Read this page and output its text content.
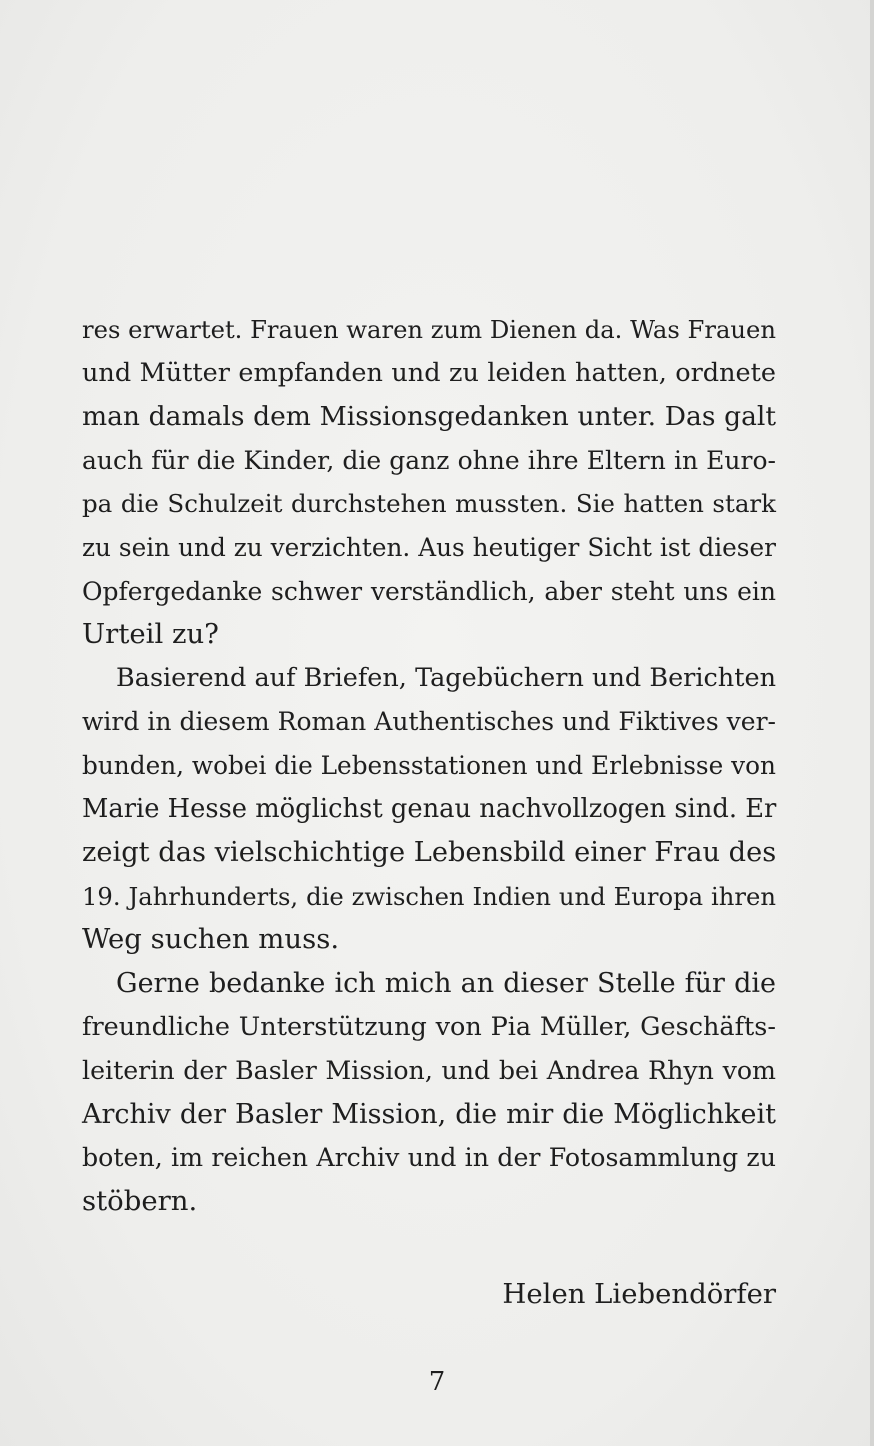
res erwartet. Frauen waren zum Dienen da. Was Frauen
und Mütter empfanden und zu leiden hatten, ordnete
man damals dem Missionsgedanken unter. Das galt
auch für die Kinder, die ganz ohne ihre Eltern in Euro-
pa die Schulzeit durchstehen mussten. Sie hatten stark
zu sein und zu verzichten. Aus heutiger Sicht ist dieser
Opfergedanke schwer verständlich, aber steht uns ein
Urteil zu?
Basierend auf Briefen, Tagebüchern und Berichten
wird in diesem Roman Authentisches und Fiktives ver-
bunden, wobei die Lebensstationen und Erlebnisse von
Marie Hesse möglichst genau nachvollzogen sind. Er
zeigt das vielschichtige Lebensbild einer Frau des
19. Jahrhunderts, die zwischen Indien und Europa ihren
Weg suchen muss.
Gerne bedanke ich mich an dieser Stelle für die
freundliche Unterstützung von Pia Müller, Geschäfts-
leiterin der Basler Mission, und bei Andrea Rhyn vom
Archiv der Basler Mission, die mir die Möglichkeit
boten, im reichen Archiv und in der Fotosammlung zu
stöbern.
Helen Liebendörfer
7
